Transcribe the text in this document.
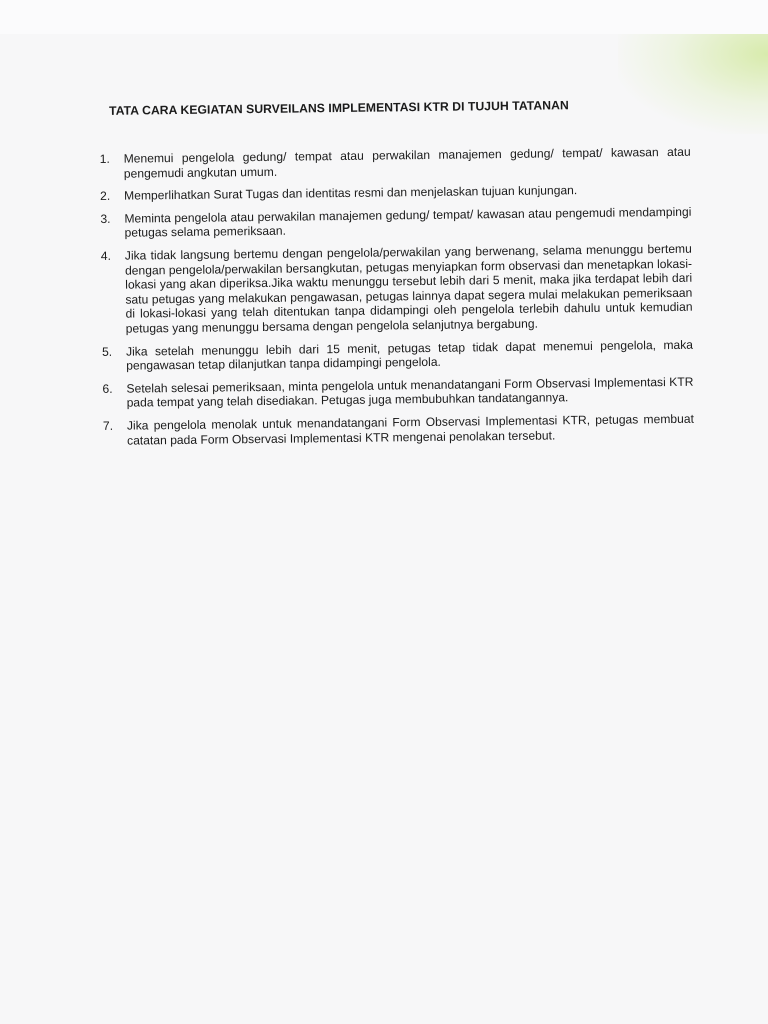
TATA CARA KEGIATAN SURVEILANS IMPLEMENTASI KTR DI TUJUH TATANAN
1.	Menemui pengelola gedung/ tempat atau perwakilan manajemen gedung/ tempat/ kawasan atau pengemudi angkutan umum.
2.	Memperlihatkan Surat Tugas dan identitas resmi dan menjelaskan tujuan kunjungan.
3.	Meminta pengelola atau perwakilan manajemen gedung/ tempat/ kawasan atau pengemudi mendampingi petugas selama pemeriksaan.
4.	Jika tidak langsung bertemu dengan pengelola/perwakilan yang berwenang, selama menunggu bertemu dengan pengelola/perwakilan bersangkutan, petugas menyiapkan form observasi dan menetapkan lokasi-lokasi yang akan diperiksa.Jika waktu menunggu tersebut lebih dari 5 menit, maka jika terdapat lebih dari satu petugas yang melakukan pengawasan, petugas lainnya dapat segera mulai melakukan pemeriksaan di lokasi-lokasi yang telah ditentukan tanpa didampingi oleh pengelola terlebih dahulu untuk kemudian petugas yang menunggu bersama dengan pengelola selanjutnya bergabung.
5.	Jika setelah menunggu lebih dari 15 menit, petugas tetap tidak dapat menemui pengelola, maka pengawasan tetap dilanjutkan tanpa didampingi pengelola.
6.	Setelah selesai pemeriksaan, minta pengelola untuk menandatangani Form Observasi Implementasi KTR pada tempat yang telah disediakan. Petugas juga membubuhkan tandatangannya.
7.	Jika pengelola menolak untuk menandatangani Form Observasi Implementasi KTR, petugas membuat catatan pada Form Observasi Implementasi KTR mengenai penolakan tersebut.
